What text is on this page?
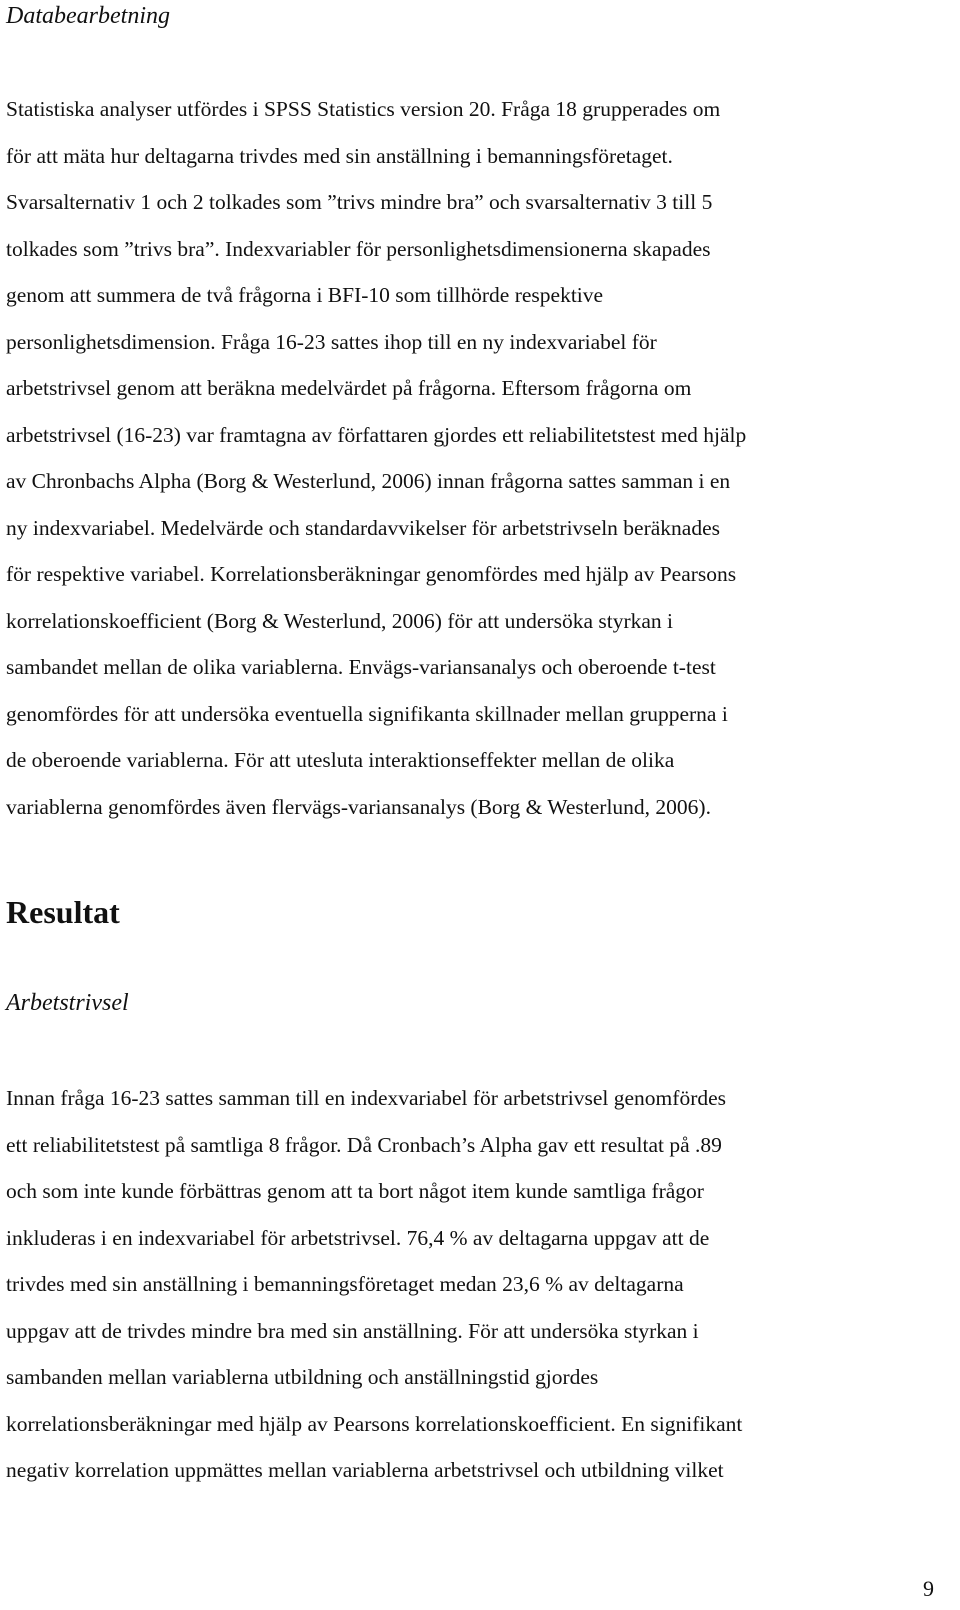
Databearbetning
Statistiska analyser utfördes i SPSS Statistics version 20. Fråga 18 grupperades om
för att mäta hur deltagarna trivdes med sin anställning i bemanningsföretaget.
Svarsalternativ 1 och 2 tolkades som ”trivs mindre bra” och svarsalternativ 3 till 5
tolkades som ”trivs bra”. Indexvariabler för personlighetsdimensionerna skapades
genom att summera de två frågorna i BFI-10 som tillhörde respektive
personlighetsdimension. Fråga 16-23 sattes ihop till en ny indexvariabel för
arbetstrivsel genom att beräkna medelvärdet på frågorna. Eftersom frågorna om
arbetstrivsel (16-23) var framtagna av författaren gjordes ett reliabilitetstest med hjälp
av Chronbachs Alpha (Borg & Westerlund, 2006) innan frågorna sattes samman i en
ny indexvariabel. Medelvärde och standardavvikelser för arbetstrivseln beräknades
för respektive variabel. Korrelationsberäkningar genomfördes med hjälp av Pearsons
korrelationskoefficient (Borg & Westerlund, 2006) för att undersöka styrkan i
sambandet mellan de olika variablerna. Envägs-variansanalys och oberoende t-test
genomfördes för att undersöka eventuella signifikanta skillnader mellan grupperna i
de oberoende variablerna. För att utesluta interaktionseffekter mellan de olika
variablerna genomfördes även flervägs-variansanalys (Borg & Westerlund, 2006).
Resultat
Arbetstrivsel
Innan fråga 16-23 sattes samman till en indexvariabel för arbetstrivsel genomfördes
ett reliabilitetstest på samtliga 8 frågor. Då Cronbach’s Alpha gav ett resultat på .89
och som inte kunde förbättras genom att ta bort något item kunde samtliga frågor
inkluderas i en indexvariabel för arbetstrivsel. 76,4 % av deltagarna uppgav att de
trivdes med sin anställning i bemanningsföretaget medan 23,6 % av deltagarna
uppgav att de trivdes mindre bra med sin anställning. För att undersöka styrkan i
sambanden mellan variablerna utbildning och anställningstid gjordes
korrelationsberäkningar med hjälp av Pearsons korrelationskoefficient. En signifikant
negativ korrelation uppmättes mellan variablerna arbetstrivsel och utbildning vilket
9
